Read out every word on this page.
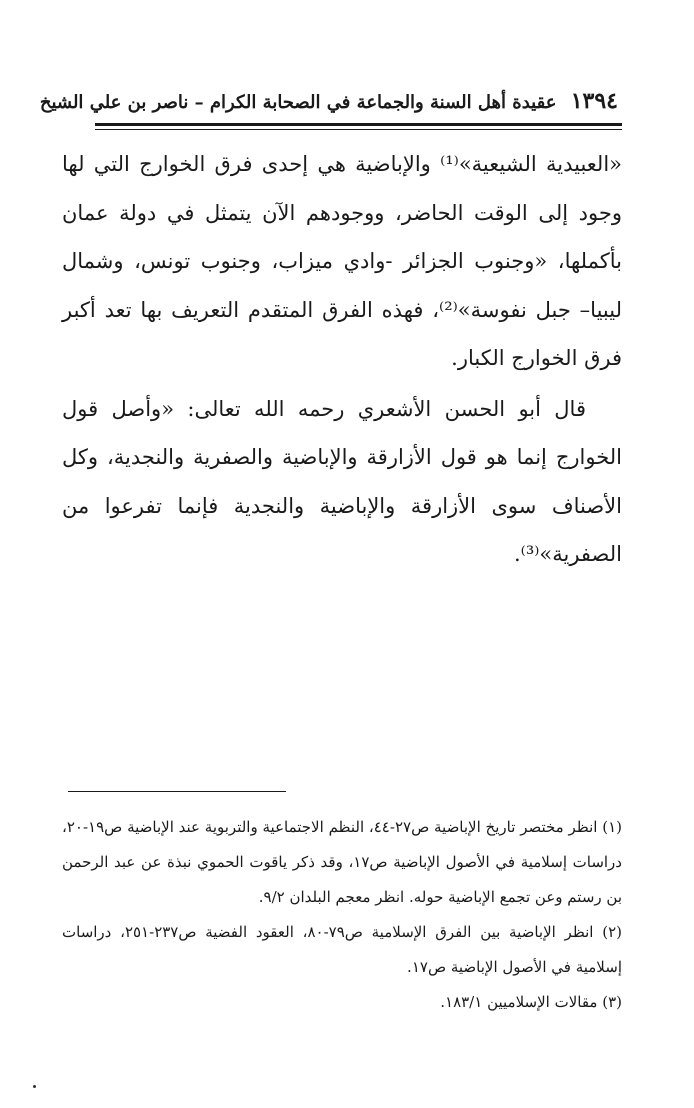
١٣٩٤ عقيدة أهل السنة والجماعة في الصحابة الكرام – ناصر بن علي الشيخ

«العبيدية الشيعية»⁽¹⁾ والإباضية هي إحدى فرق الخوارج التي لها وجود إلى الوقت الحاضر، ووجودهم الآن يتمثل في دولة عمان بأكملها، «وجنوب الجزائر -وادي ميزاب، وجنوب تونس، وشمال ليبيا– جبل نفوسة»⁽²⁾، فهذه الفرق المتقدم التعريف بها تعد أكبر فرق الخوارج الكبار.

قال أبو الحسن الأشعري رحمه الله تعالى: «وأصل قول الخوارج إنما هو قول الأزارقة والإباضية والصفرية والنجدية، وكل الأصناف سوى الأزارقة والإباضية والنجدية فإنما تفرعوا من الصفرية»⁽³⁾.

(١) انظر مختصر تاريخ الإباضية ص٢٧-٤٤، النظم الاجتماعية والتربوية عند الإباضية ص١٩-٢٠، دراسات إسلامية في الأصول الإباضية ص١٧، وقد ذكر ياقوت الحموي نبذة عن عبد الرحمن بن رستم وعن تجمع الإباضية حوله. انظر معجم البلدان ٩/٢.

(٢) انظر الإباضية بين الفرق الإسلامية ص٧٩-٨٠، العقود الفضية ص٢٣٧-٢٥١، دراسات إسلامية في الأصول الإباضية ص١٧.

(٣) مقالات الإسلاميين ١٨٣/١.
